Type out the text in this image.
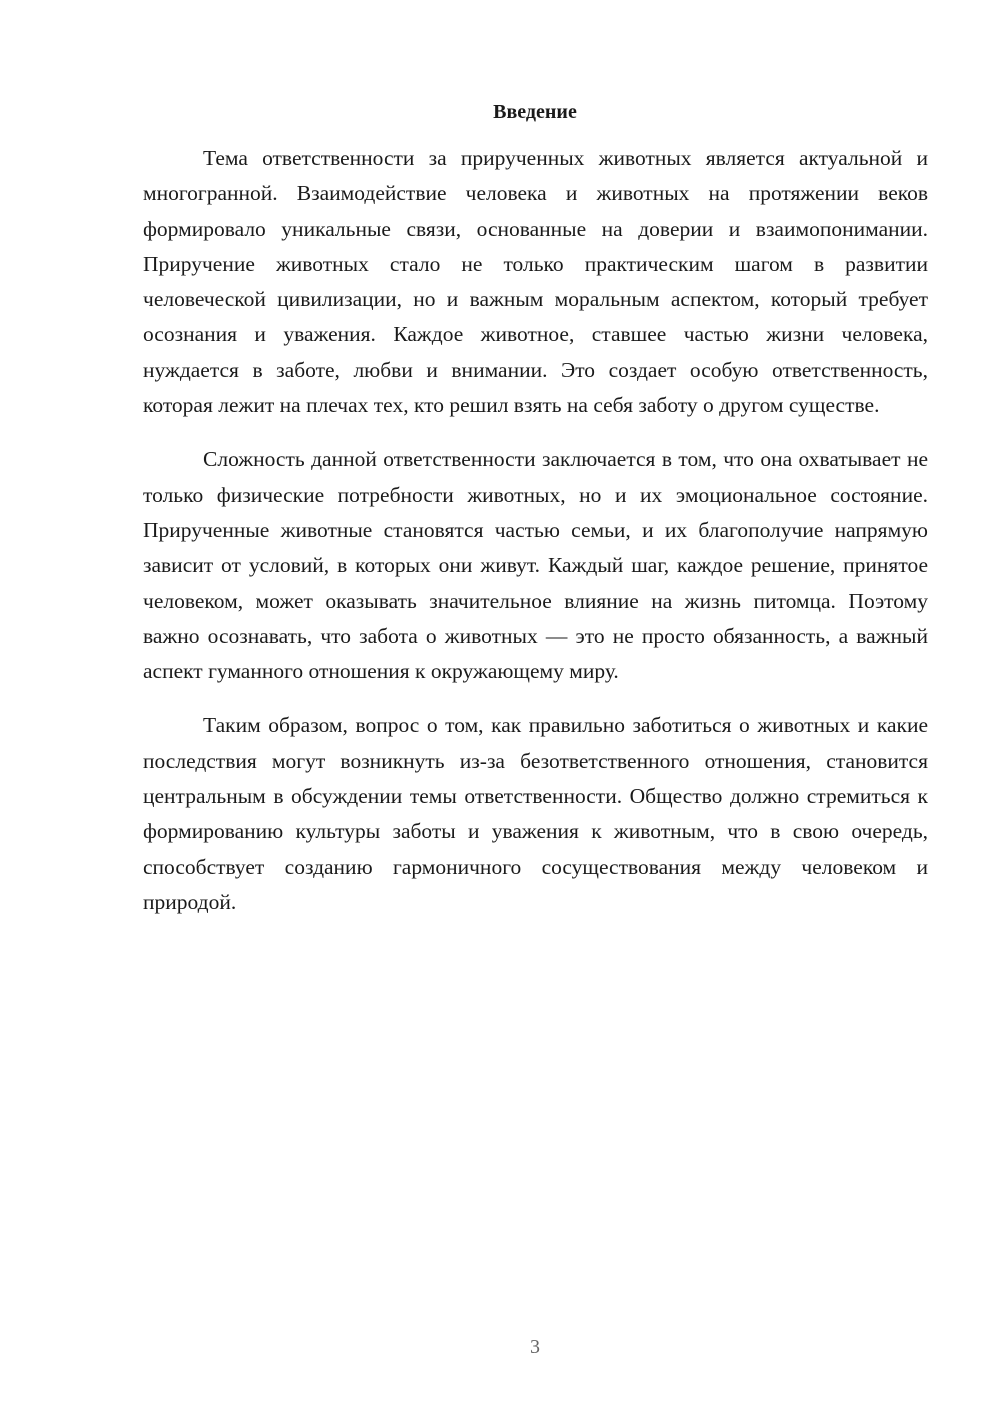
Введение

Тема ответственности за прирученных животных является актуальной и многогранной. Взаимодействие человека и животных на протяжении веков формировало уникальные связи, основанные на доверии и взаимопонимании. Приручение животных стало не только практическим шагом в развитии человеческой цивилизации, но и важным моральным аспектом, который требует осознания и уважения. Каждое животное, ставшее частью жизни человека, нуждается в заботе, любви и внимании. Это создает особую ответственность, которая лежит на плечах тех, кто решил взять на себя заботу о другом существе.

Сложность данной ответственности заключается в том, что она охватывает не только физические потребности животных, но и их эмоциональное состояние. Прирученные животные становятся частью семьи, и их благополучие напрямую зависит от условий, в которых они живут. Каждый шаг, каждое решение, принятое человеком, может оказывать значительное влияние на жизнь питомца. Поэтому важно осознавать, что забота о животных — это не просто обязанность, а важный аспект гуманного отношения к окружающему миру.

Таким образом, вопрос о том, как правильно заботиться о животных и какие последствия могут возникнуть из-за безответственного отношения, становится центральным в обсуждении темы ответственности. Общество должно стремиться к формированию культуры заботы и уважения к животным, что в свою очередь, способствует созданию гармоничного сосуществования между человеком и природой.

3
